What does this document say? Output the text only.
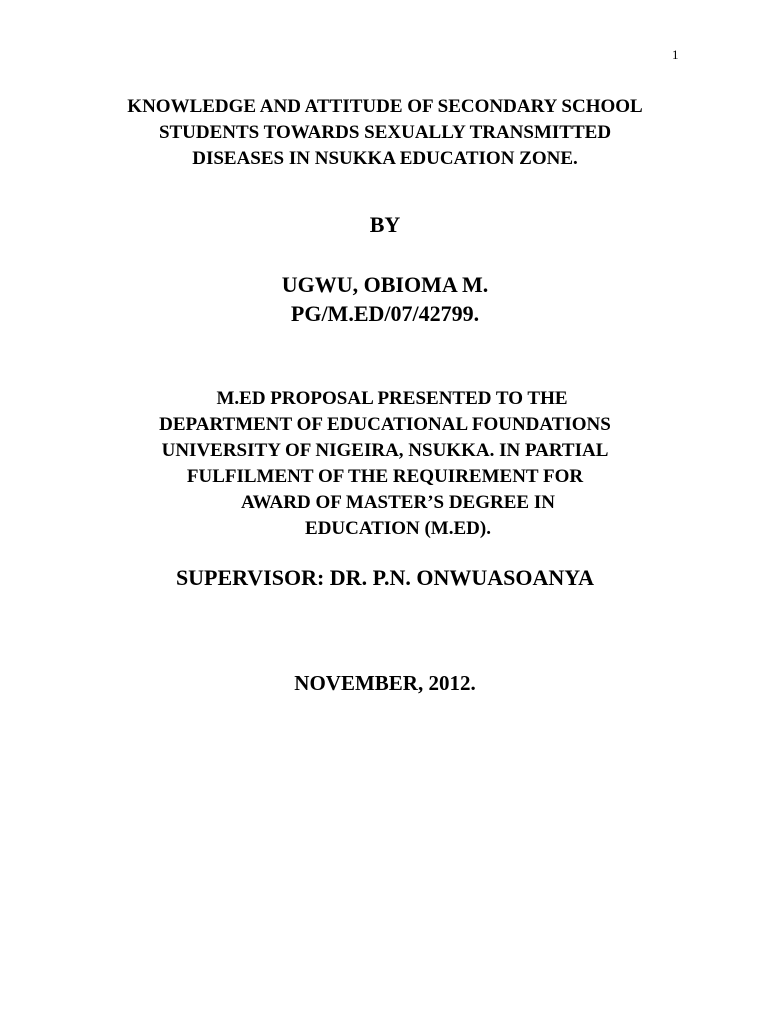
1
KNOWLEDGE AND ATTITUDE OF SECONDARY SCHOOL
STUDENTS TOWARDS SEXUALLY TRANSMITTED
DISEASES IN NSUKKA EDUCATION ZONE.
BY
UGWU, OBIOMA M.
PG/M.ED/07/42799.
M.ED PROPOSAL PRESENTED TO THE
DEPARTMENT OF EDUCATIONAL FOUNDATIONS
UNIVERSITY OF NIGEIRA, NSUKKA. IN PARTIAL
FULFILMENT OF THE REQUIREMENT FOR
AWARD OF MASTER’S DEGREE IN
EDUCATION (M.ED).
SUPERVISOR: DR. P.N. ONWUASOANYA
NOVEMBER, 2012.
